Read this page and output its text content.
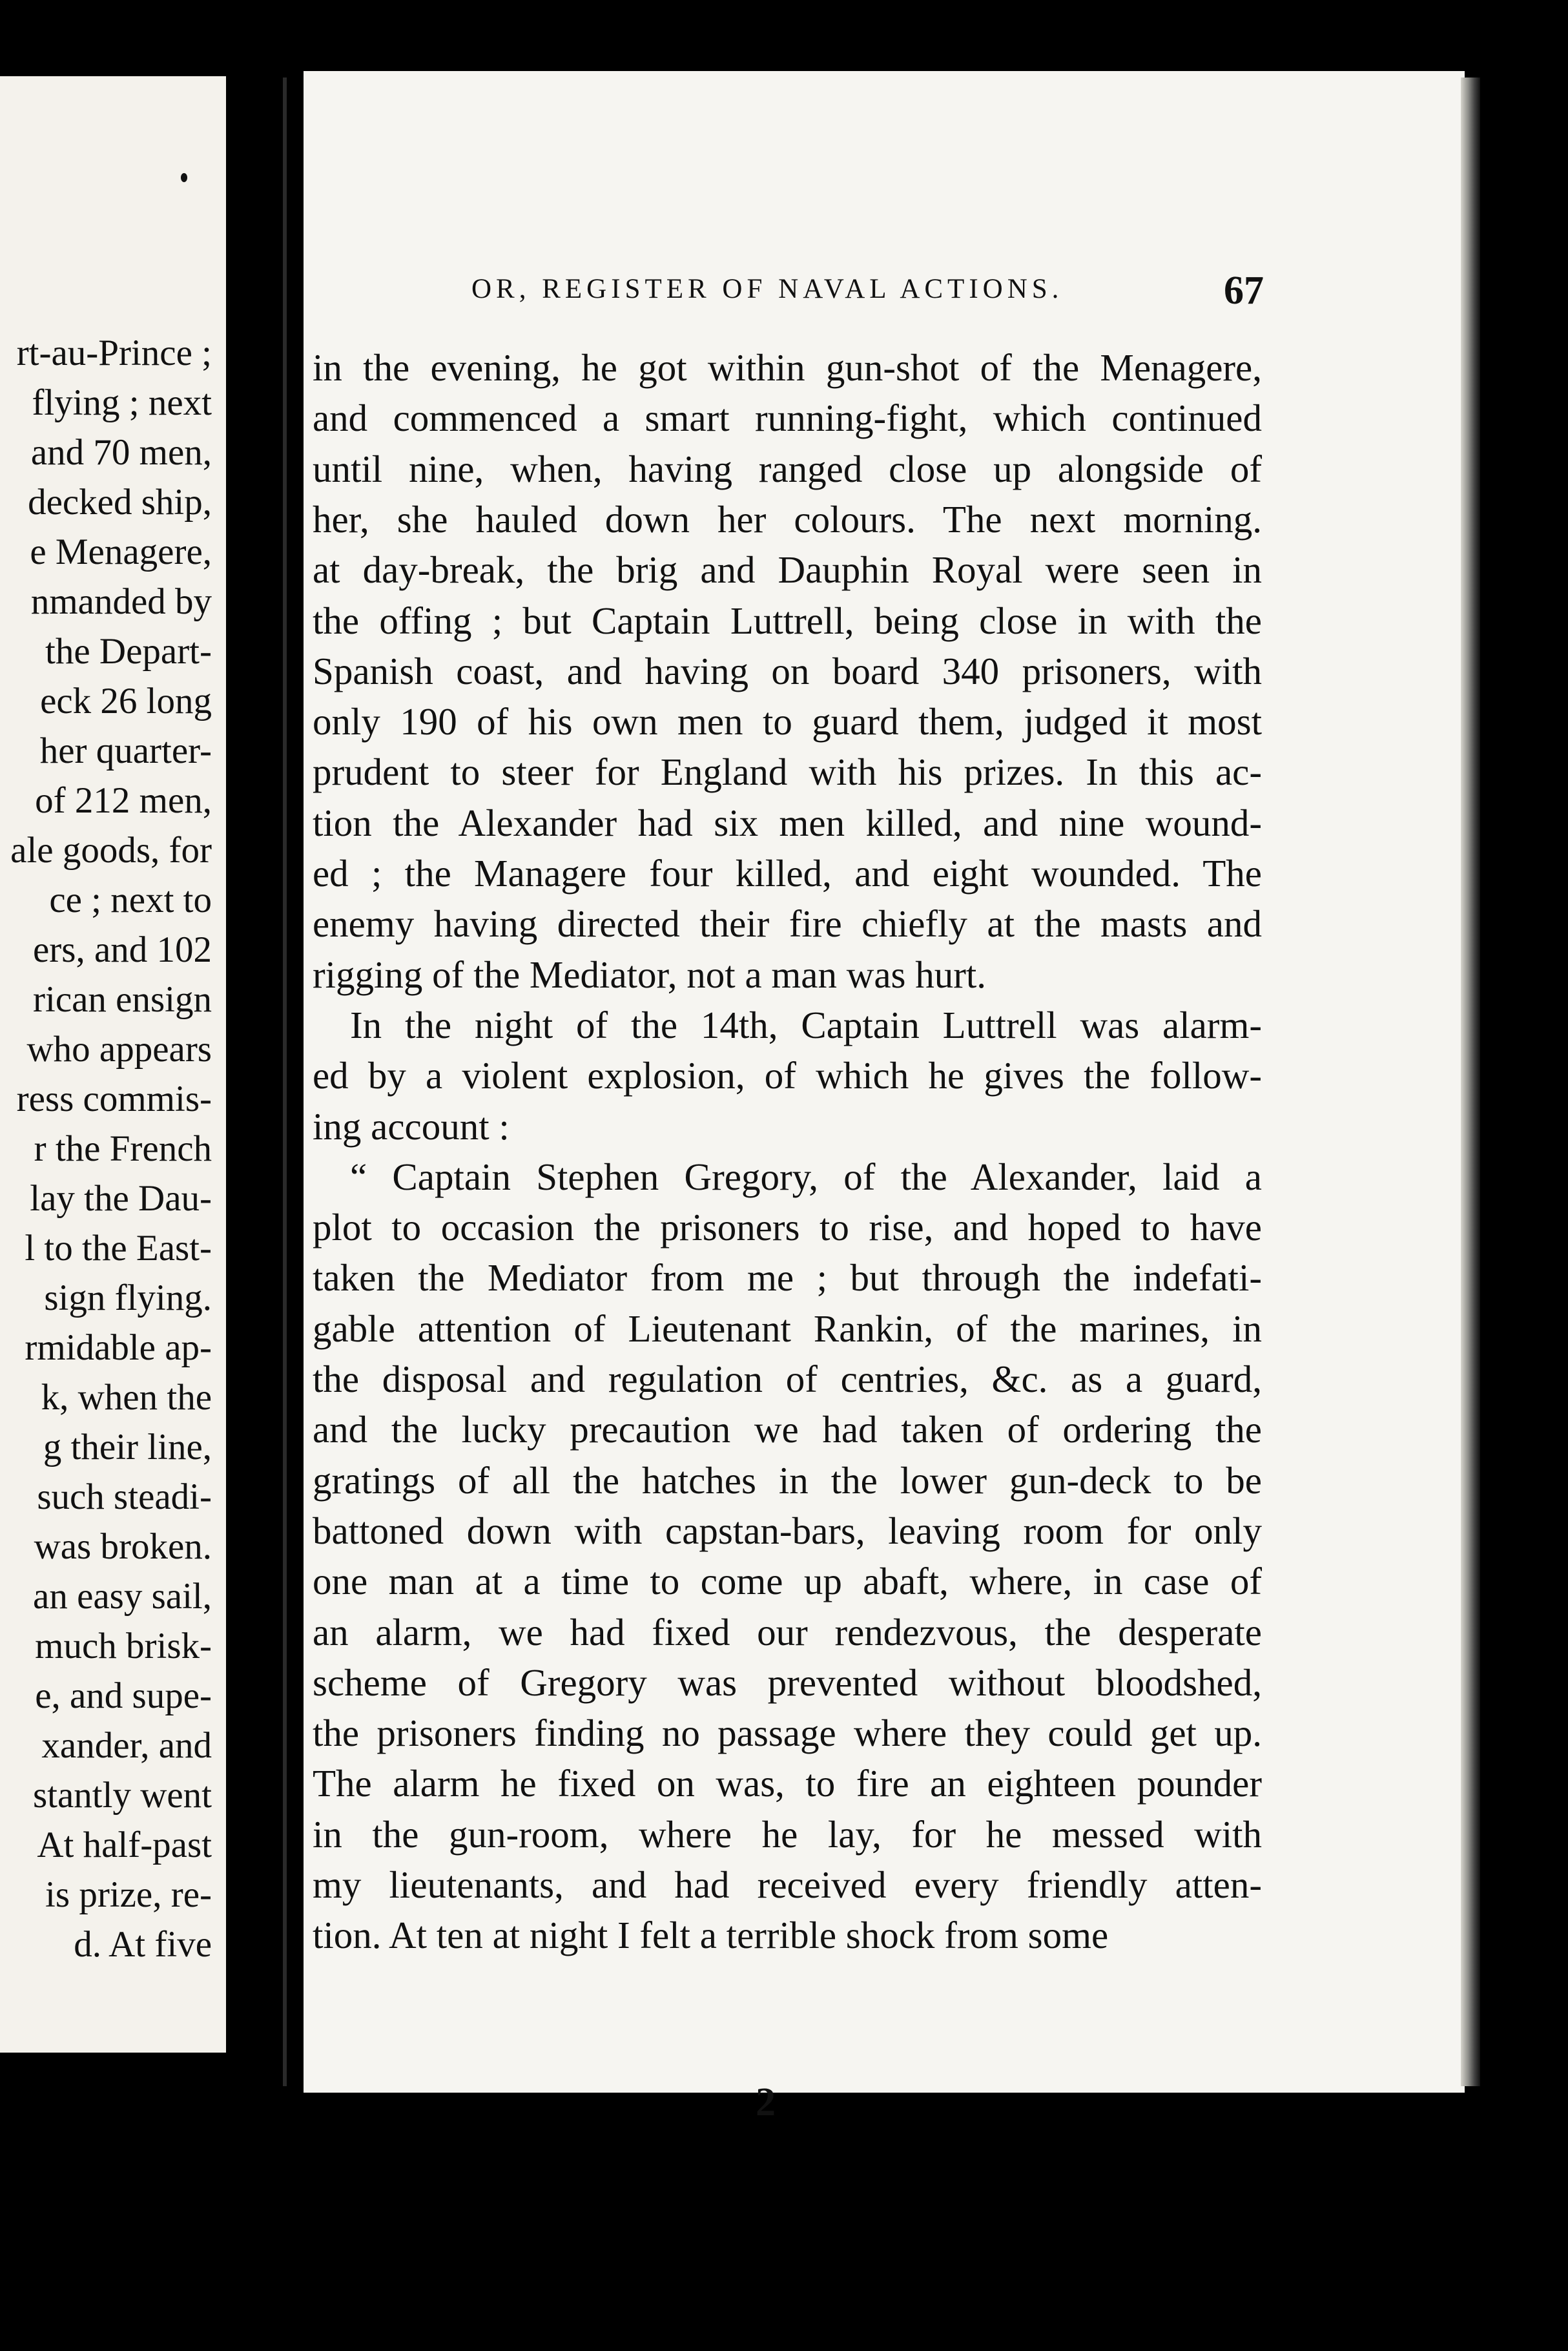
rt-au-Prince ;
flying ; next
and 70 men,
decked ship,
e Menagere,
nmanded by
the Depart-
eck 26 long
her quarter-
of 212 men,
ale goods, for
ce ; next to
ers, and 102
rican ensign
who appears
ress commis-
r the French
lay the Dau-
l to the East-
sign flying.
rmidable ap-
k, when the
g their line,
such steadi-
was broken.
an easy sail,
much brisk-
e, and supe-
xander, and
stantly went
At half-past
is prize, re-
d. At five
OR, REGISTER OF NAVAL ACTIONS.	67
in the evening, he got within gun-shot of the Menagere,
and commenced a smart running-fight, which continued
until nine, when, having ranged close up alongside of
her, she hauled down her colours. The next morning.
at day-break, the brig and Dauphin Royal were seen in
the offing ; but Captain Luttrell, being close in with the
Spanish coast, and having on board 340 prisoners, with
only 190 of his own men to guard them, judged it most
prudent to steer for England with his prizes. In this ac-
tion the Alexander had six men killed, and nine wound-
ed ; the Managere four killed, and eight wounded. The
enemy having directed their fire chiefly at the masts and
rigging of the Mediator, not a man was hurt.
In the night of the 14th, Captain Luttrell was alarm-
ed by a violent explosion, of which he gives the follow-
ing account :
“ Captain Stephen Gregory, of the Alexander, laid a
plot to occasion the prisoners to rise, and hoped to have
taken the Mediator from me ; but through the indefati-
gable attention of Lieutenant Rankin, of the marines, in
the disposal and regulation of centries, &c. as a guard,
and the lucky precaution we had taken of ordering the
gratings of all the hatches in the lower gun-deck to be
battoned down with capstan-bars, leaving room for only
one man at a time to come up abaft, where, in case of
an alarm, we had fixed our rendezvous, the desperate
scheme of Gregory was prevented without bloodshed,
the prisoners finding no passage where they could get up.
The alarm he fixed on was, to fire an eighteen pounder
in the gun-room, where he lay, for he messed with
my lieutenants, and had received every friendly atten-
tion. At ten at night I felt a terrible shock from some
2
